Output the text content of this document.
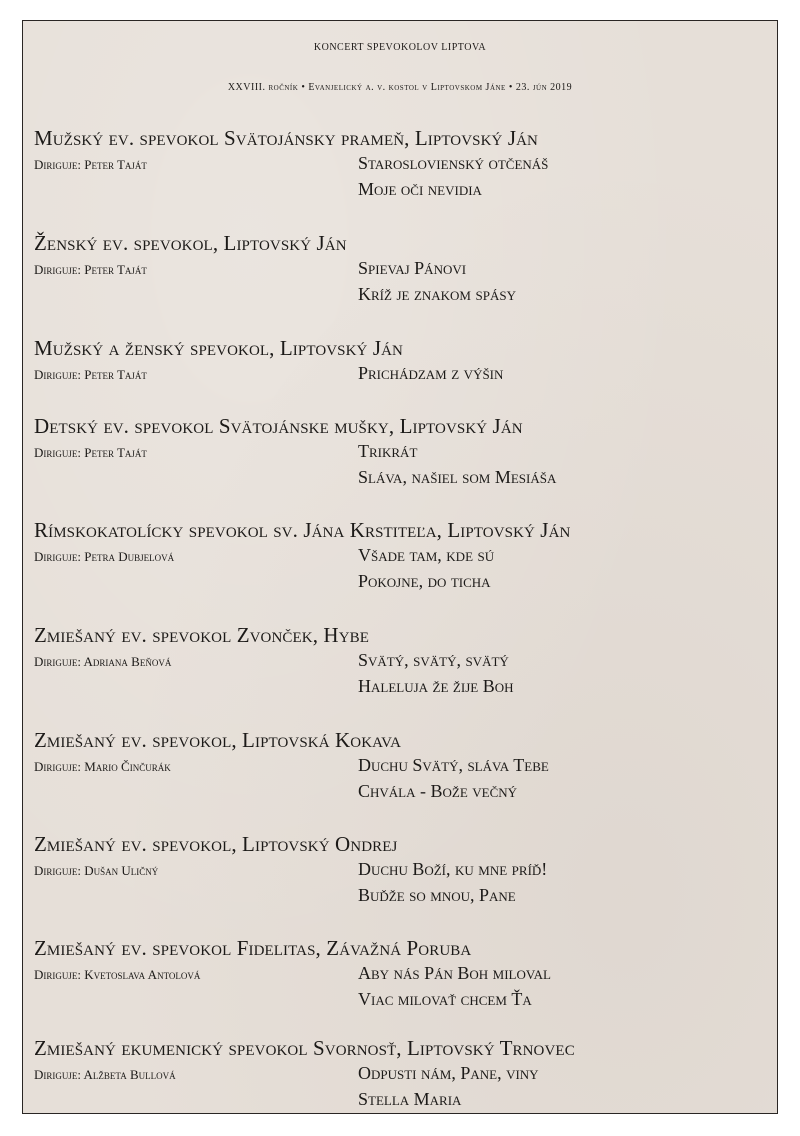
KONCERT SPEVOKOLOV LIPTOVA
XXVIII. ročník • Evanjelický a. v. kostol v Liptovskom Jáne • 23. jún 2019
Mužský ev. spevokol Svätojánsky prameň, Liptovský Ján
Diriguje: Peter Taját	Staroslovienský otčenáš
Moje oči nevidia
Ženský ev. spevokol, Liptovský Ján
Diriguje: Peter Taját	Spievaj Pánovi
Kríž je znakom spásy
Mužský a ženský spevokol, Liptovský Ján
Diriguje: Peter Taját	Prichádzam z výšin
Detský ev. spevokol Svätojánske mušky, Liptovský Ján
Diriguje: Peter Taját	Trikrát
Sláva, našiel som Mesiáša
Rímskokatolícky spevokol sv. Jána Krstiteľa, Liptovský Ján
Diriguje: Petra Dubjelová	Všade tam, kde sú
Pokojne, do ticha
Zmiešaný ev. spevokol Zvonček, Hybe
Diriguje: Adriana Beňová	Svätý, svätý, svätý
Haleluja že žije Boh
Zmiešaný ev. spevokol, Liptovská Kokava
Diriguje: Mario Činčurák	Duchu Svätý, sláva Tebe
Chvála - Bože večný
Zmiešaný ev. spevokol, Liptovský Ondrej
Diriguje: Dušan Uličný	Duchu Boží, ku mne príď!
Buďže so mnou, Pane
Zmiešaný ev. spevokol Fidelitas, Závažná Poruba
Diriguje: Kvetoslava Antolová	Aby nás Pán Boh miloval
Viac milovať chcem Ťa
Zmiešaný ekumenický spevokol Svornosť, Liptovský Trnovec
Diriguje: Alžbeta Bullová	Odpusti nám, Pane, viny
Stella Maria
